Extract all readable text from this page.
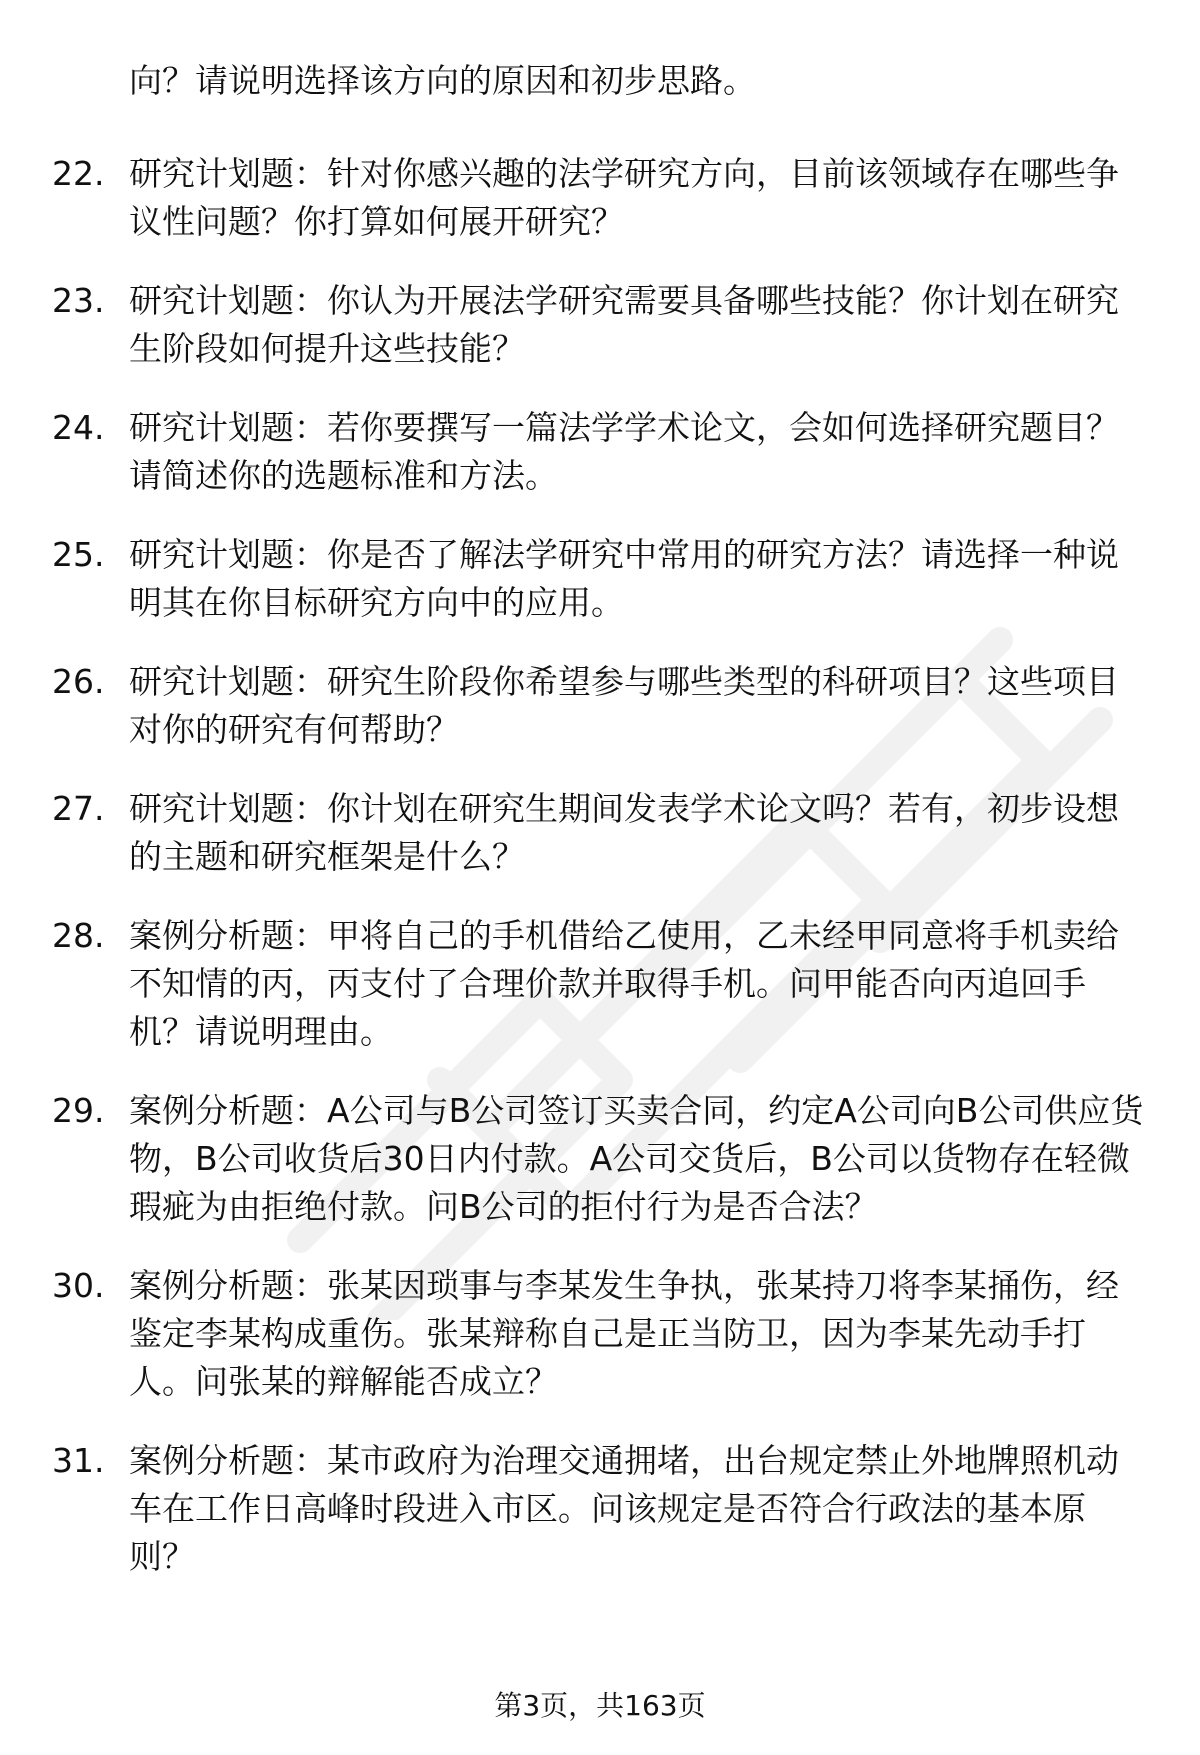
向？请说明选择该方向的原因和初步思路。

22. 研究计划题：针对你感兴趣的法学研究方向，目前该领域存在哪些争议性问题？你打算如何展开研究？
23. 研究计划题：你认为开展法学研究需要具备哪些技能？你计划在研究生阶段如何提升这些技能？
24. 研究计划题：若你要撰写一篇法学学术论文，会如何选择研究题目？请简述你的选题标准和方法。
25. 研究计划题：你是否了解法学研究中常用的研究方法？请选择一种说明其在你目标研究方向中的应用。
26. 研究计划题：研究生阶段你希望参与哪些类型的科研项目？这些项目对你的研究有何帮助？
27. 研究计划题：你计划在研究生期间发表学术论文吗？若有，初步设想的主题和研究框架是什么？
28. 案例分析题：甲将自己的手机借给乙使用，乙未经甲同意将手机卖给不知情的丙，丙支付了合理价款并取得手机。问甲能否向丙追回手机？请说明理由。
29. 案例分析题：A公司与B公司签订买卖合同，约定A公司向B公司供应货物，B公司收货后30日内付款。A公司交货后，B公司以货物存在轻微瑕疵为由拒绝付款。问B公司的拒付行为是否合法？
30. 案例分析题：张某因琐事与李某发生争执，张某持刀将李某捅伤，经鉴定李某构成重伤。张某辩称自己是正当防卫，因为李某先动手打人。问张某的辩解能否成立？
31. 案例分析题：某市政府为治理交通拥堵，出台规定禁止外地牌照机动车在工作日高峰时段进入市区。问该规定是否符合行政法的基本原则？
第3页，共163页
